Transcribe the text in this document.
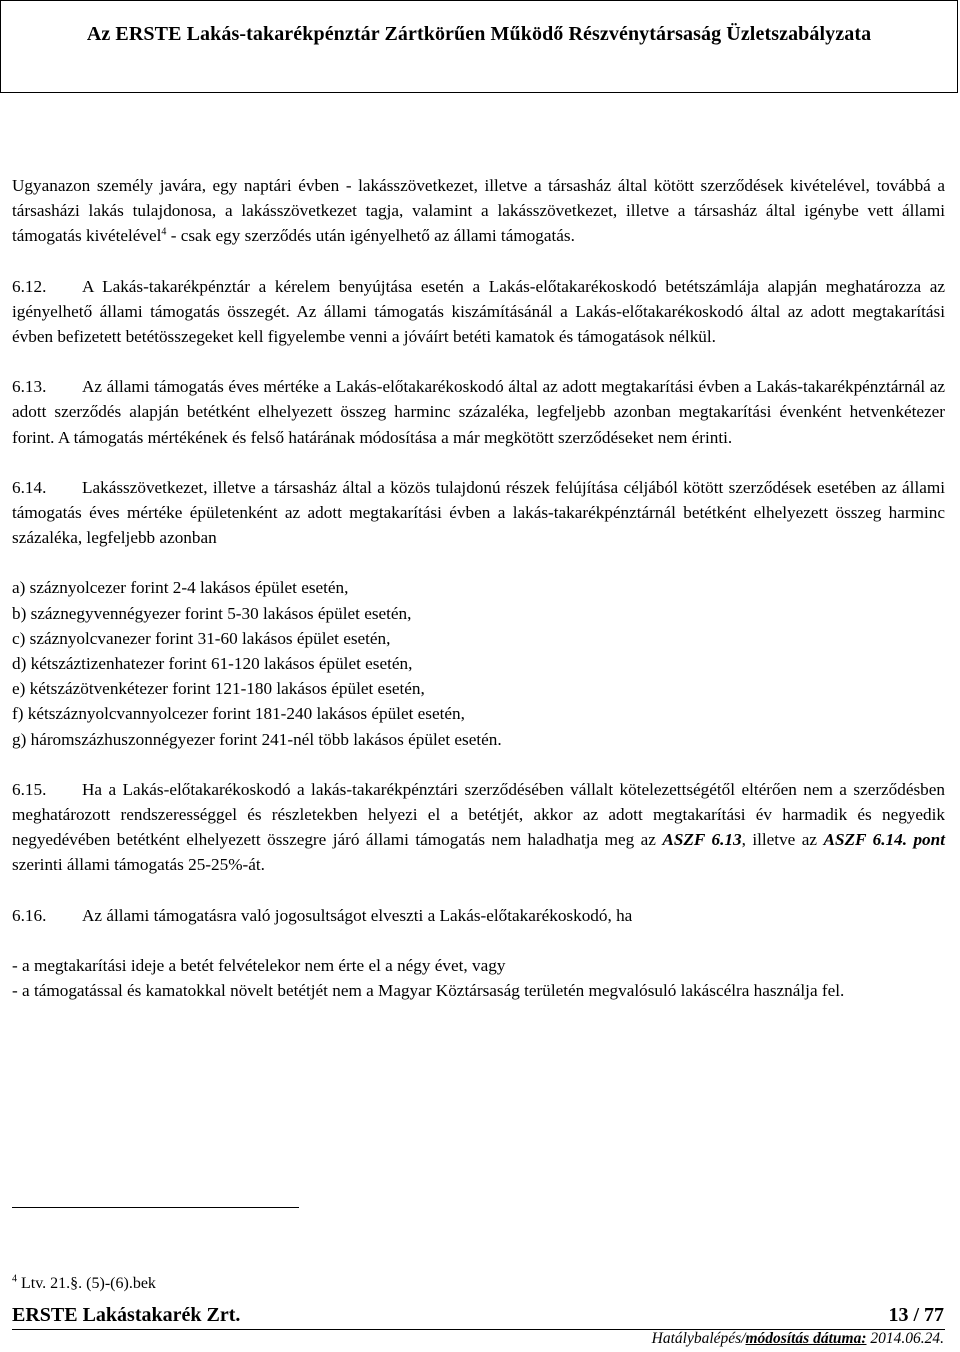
Az ERSTE Lakás-takarékpénztár Zártkörűen Működő Részvénytársaság Üzletszabályzata

Ugyanazon személy javára, egy naptári évben - lakásszövetkezet, illetve a társasház által kötött szerződések kivételével, továbbá a társasházi lakás tulajdonosa, a lakásszövetkezet tagja, valamint a lakásszövetkezet, illetve a társasház által igénybe vett állami támogatás kivételével$^4$ - csak egy szerződés után igényelhető az állami támogatás.

6.12. A Lakás-takarékpénztár a kérelem benyújtása esetén a Lakás-előtakarékoskodó betétszámlája alapján meghatározza az igényelhető állami támogatás összegét. Az állami támogatás kiszámításánál a Lakás-előtakarékoskodó által az adott megtakarítási évben befizetett betétösszegeket kell figyelembe venni a jóváírt betéti kamatok és támogatások nélkül.

6.13. Az állami támogatás éves mértéke a Lakás-előtakarékoskodó által az adott megtakarítási évben a Lakás-takarékpénztárnál az adott szerződés alapján betétként elhelyezett összeg harminc százaléka, legfeljebb azonban megtakarítási évenként hetvenkétezer forint. A támogatás mértékének és felső határának módosítása a már megkötött szerződéseket nem érinti.

6.14. Lakásszövetkezet, illetve a társasház által a közös tulajdonú részek felújítása céljából kötött szerződések esetében az állami támogatás éves mértéke épületenként az adott megtakarítási évben a lakás-takarékpénztárnál betétként elhelyezett összeg harminc százaléka, legfeljebb azonban

a) száznyolcezer forint 2-4 lakásos épület esetén,

b) száznegyvennégyezer forint 5-30 lakásos épület esetén,

c) száznyolcvanezer forint 31-60 lakásos épület esetén,

d) kétszáztizenhatezer forint 61-120 lakásos épület esetén,

e) kétszázötvenkétezer forint 121-180 lakásos épület esetén,

f) kétszáznyolcvannyolcezer forint 181-240 lakásos épület esetén,

g) háromszázhuszonnégyezer forint 241-nél több lakásos épület esetén.

6.15. Ha a Lakás-előtakarékoskodó a lakás-takarékpénztári szerződésében vállalt kötelezettségétől eltérően nem a szerződésben meghatározott rendszerességgel és részletekben helyezi el a betétjét, akkor az adott megtakarítási év harmadik és negyedik negyedévében betétként elhelyezett összegre járó állami támogatás nem haladhatja meg az ASZF 6.13, illetve az ASZF 6.14. pont szerinti állami támogatás 25-25%-át.

6.16. Az állami támogatásra való jogosultságot elveszti a Lakás-előtakarékoskodó, ha

- a megtakarítási ideje a betét felvételekor nem érte el a négy évet, vagy

- a támogatással és kamatokkal növelt betétjét nem a Magyar Köztársaság területén megvalósuló lakáscélra használja fel.

$^4$ Ltv. 21.§. (5)-(6).bek
ERSTE Lakástakarék Zrt.	13 / 77
Hatálybalépés/módosítás dátuma: 2014.06.24.
